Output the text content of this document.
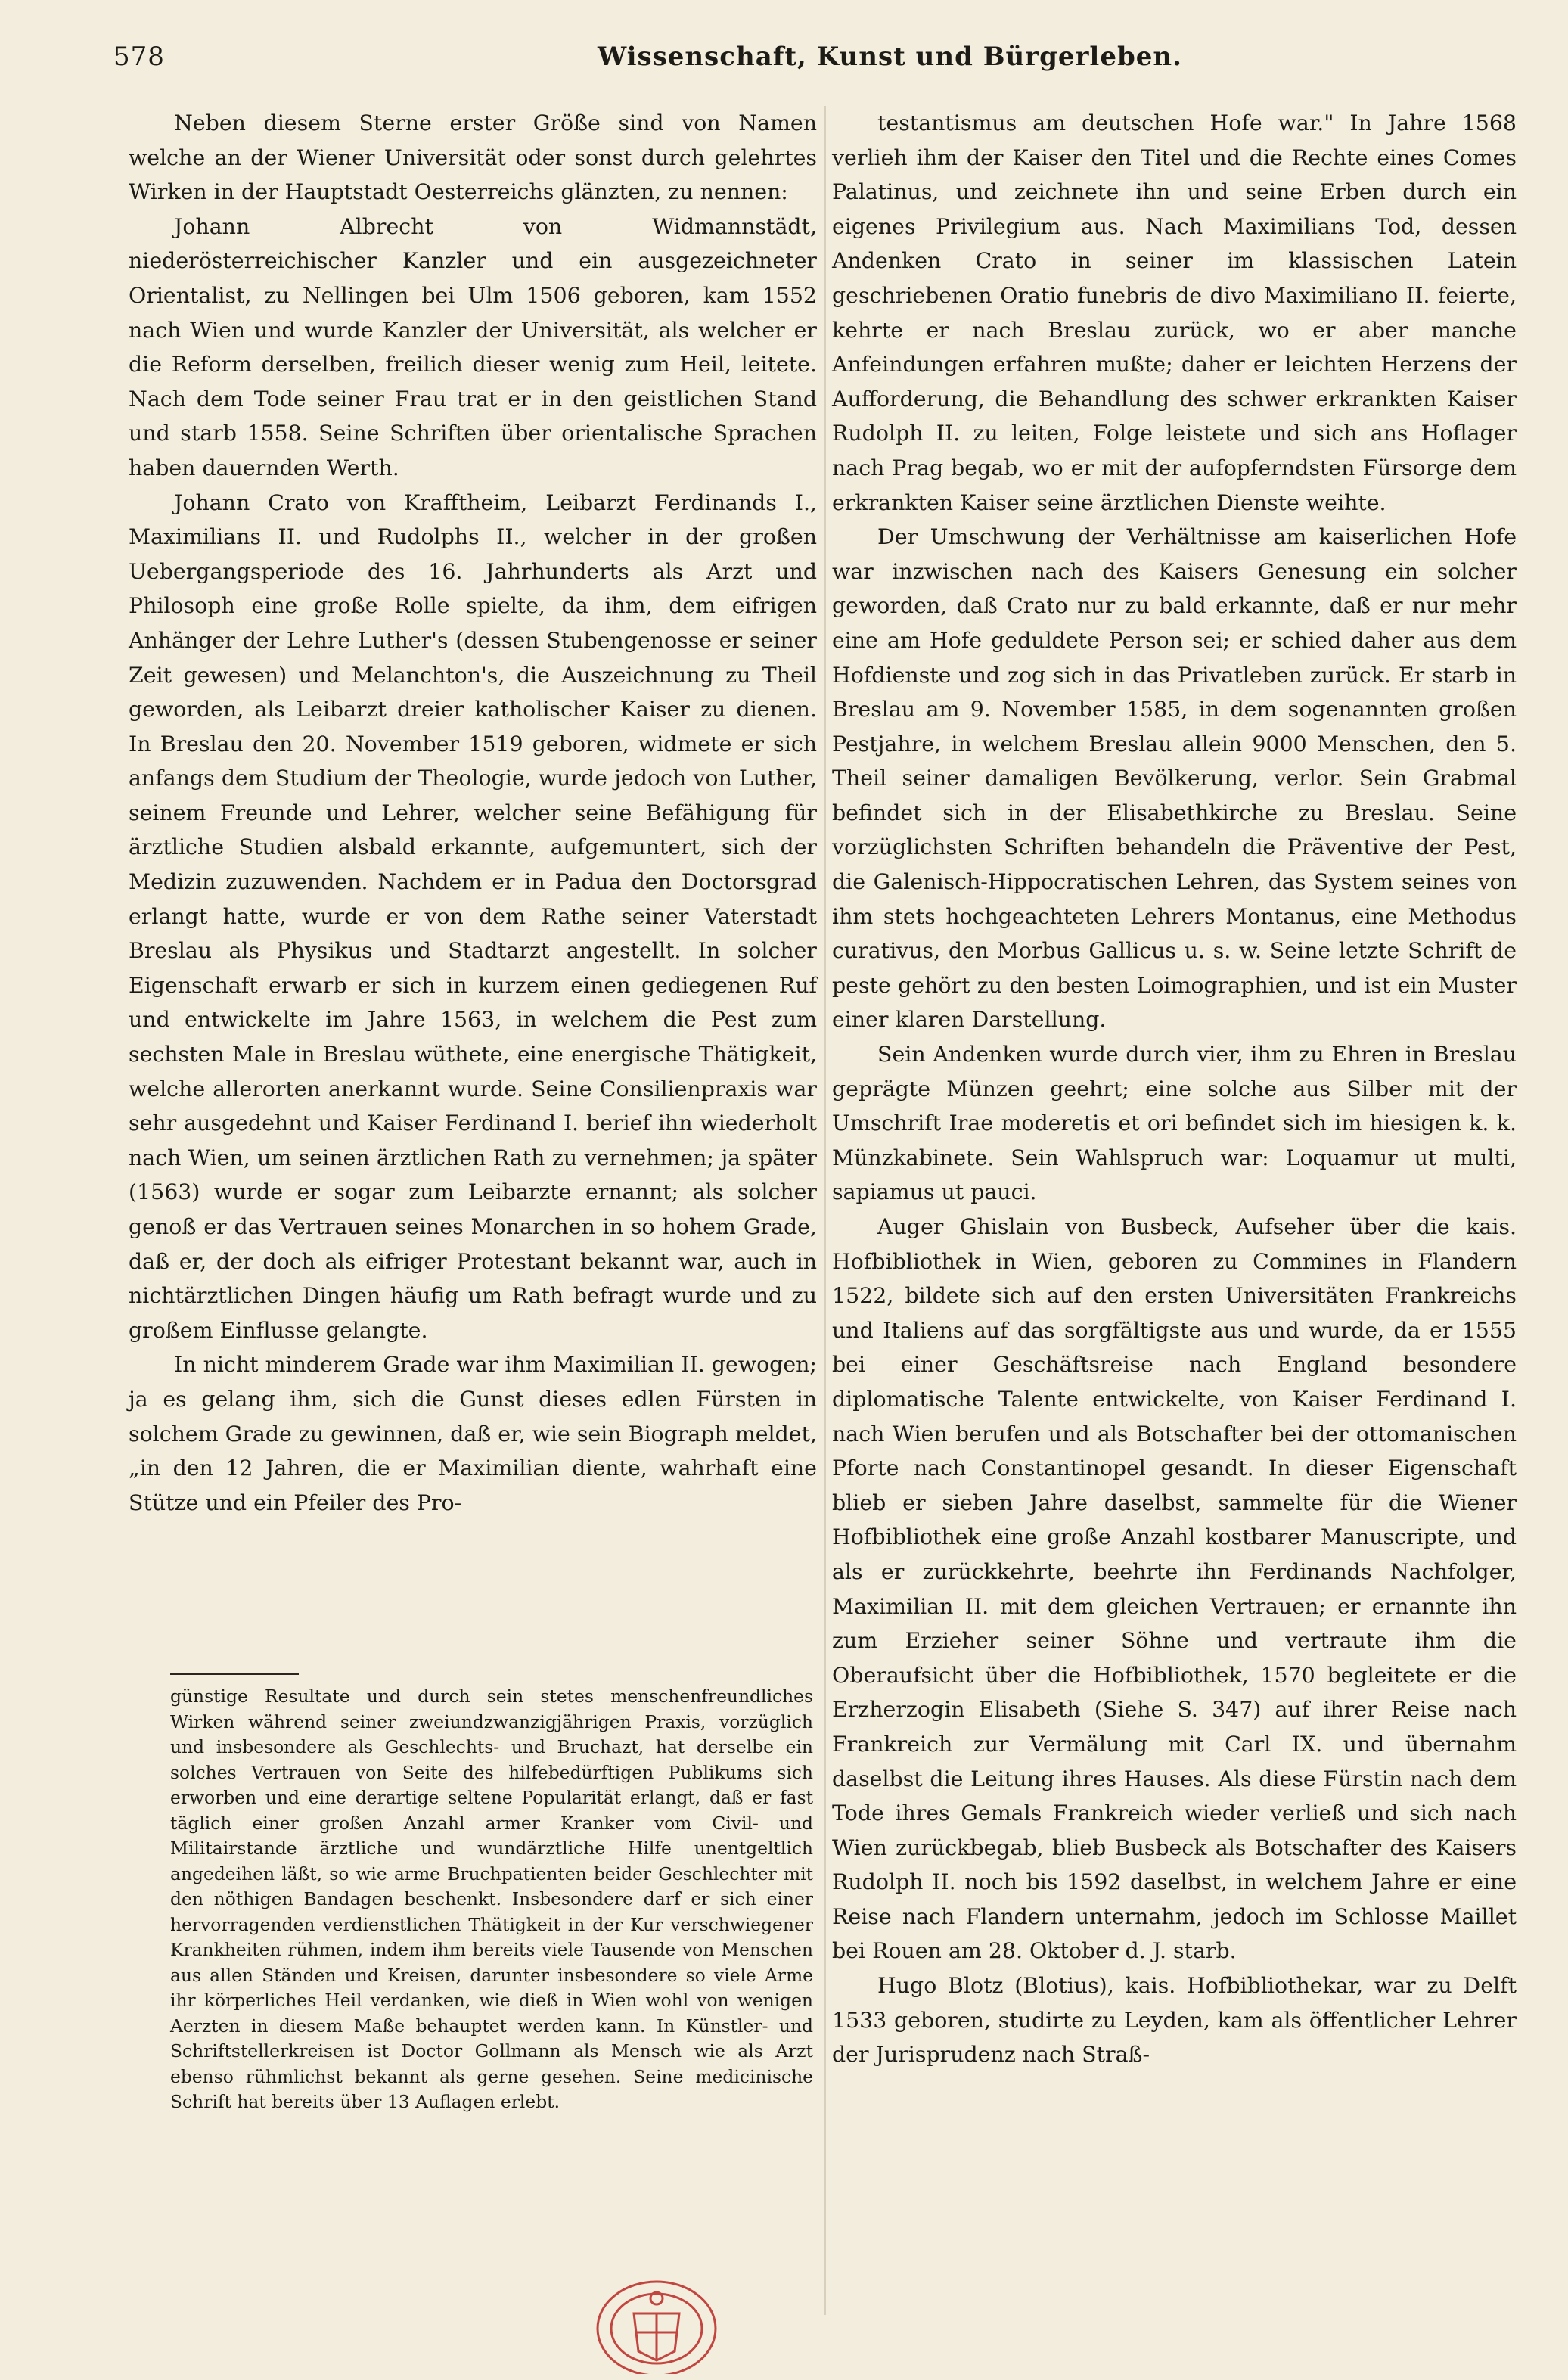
578	Wissenschaft, Kunst und Bürgerleben.

Neben diesem Sterne erster Größe sind von Namen welche an der Wiener Universität oder sonst durch gelehrtes Wirken in der Hauptstadt Oesterreichs glänzten, zu nennen:

Johann Albrecht von Widmannstädt, niederösterreichischer Kanzler und ein ausgezeichneter Orientalist, zu Nellingen bei Ulm 1506 geboren, kam 1552 nach Wien und wurde Kanzler der Universität, als welcher er die Reform derselben, freilich dieser wenig zum Heil, leitete. Nach dem Tode seiner Frau trat er in den geistlichen Stand und starb 1558. Seine Schriften über orientalische Sprachen haben dauernden Werth.

Johann Crato von Krafftheim, Leibarzt Ferdinands I., Maximilians II. und Rudolphs II., welcher in der großen Uebergangsperiode des 16. Jahrhunderts als Arzt und Philosoph eine große Rolle spielte, da ihm, dem eifrigen Anhänger der Lehre Luther's (dessen Stubengenosse er seiner Zeit gewesen) und Melanchton's, die Auszeichnung zu Theil geworden, als Leibarzt dreier katholischer Kaiser zu dienen. In Breslau den 20. November 1519 geboren, widmete er sich anfangs dem Studium der Theologie, wurde jedoch von Luther, seinem Freunde und Lehrer, welcher seine Befähigung für ärztliche Studien alsbald erkannte, aufgemuntert, sich der Medizin zuzuwenden. Nachdem er in Padua den Doctorsgrad erlangt hatte, wurde er von dem Rathe seiner Vaterstadt Breslau als Physikus und Stadtarzt angestellt. In solcher Eigenschaft erwarb er sich in kurzem einen gediegenen Ruf und entwickelte im Jahre 1563, in welchem die Pest zum sechsten Male in Breslau wüthete, eine energische Thätigkeit, welche allerorten anerkannt wurde. Seine Consilienpraxis war sehr ausgedehnt und Kaiser Ferdinand I. berief ihn wiederholt nach Wien, um seinen ärztlichen Rath zu vernehmen; ja später (1563) wurde er sogar zum Leibarzte ernannt; als solcher genoß er das Vertrauen seines Monarchen in so hohem Grade, daß er, der doch als eifriger Protestant bekannt war, auch in nichtärztlichen Dingen häufig um Rath befragt wurde und zu großem Einflusse gelangte.

In nicht minderem Grade war ihm Maximilian II. gewogen; ja es gelang ihm, sich die Gunst dieses edlen Fürsten in solchem Grade zu gewinnen, daß er, wie sein Biograph meldet, „in den 12 Jahren, die er Maximilian diente, wahrhaft eine Stütze und ein Pfeiler des Pro-

testantismus am deutschen Hofe war." In Jahre 1568 verlieh ihm der Kaiser den Titel und die Rechte eines Comes Palatinus, und zeichnete ihn und seine Erben durch ein eigenes Privilegium aus. Nach Maximilians Tod, dessen Andenken Crato in seiner im klassischen Latein geschriebenen Oratio funebris de divo Maximiliano II. feierte, kehrte er nach Breslau zurück, wo er aber manche Anfeindungen erfahren mußte; daher er leichten Herzens der Aufforderung, die Behandlung des schwer erkrankten Kaiser Rudolph II. zu leiten, Folge leistete und sich ans Hoflager nach Prag begab, wo er mit der aufopferndsten Fürsorge dem erkrankten Kaiser seine ärztlichen Dienste weihte.

Der Umschwung der Verhältnisse am kaiserlichen Hofe war inzwischen nach des Kaisers Genesung ein solcher geworden, daß Crato nur zu bald erkannte, daß er nur mehr eine am Hofe geduldete Person sei; er schied daher aus dem Hofdienste und zog sich in das Privatleben zurück. Er starb in Breslau am 9. November 1585, in dem sogenannten großen Pestjahre, in welchem Breslau allein 9000 Menschen, den 5. Theil seiner damaligen Bevölkerung, verlor. Sein Grabmal befindet sich in der Elisabethkirche zu Breslau. Seine vorzüglichsten Schriften behandeln die Präventive der Pest, die Galenisch-Hippocratischen Lehren, das System seines von ihm stets hochgeachteten Lehrers Montanus, eine Methodus curativus, den Morbus Gallicus u. s. w. Seine letzte Schrift de peste gehört zu den besten Loimographien, und ist ein Muster einer klaren Darstellung.

Sein Andenken wurde durch vier, ihm zu Ehren in Breslau geprägte Münzen geehrt; eine solche aus Silber mit der Umschrift Irae moderetis et ori befindet sich im hiesigen k. k. Münzkabinete. Sein Wahlspruch war: Loquamur ut multi, sapiamus ut pauci.

Auger Ghislain von Busbeck, Aufseher über die kais. Hofbibliothek in Wien, geboren zu Commines in Flandern 1522, bildete sich auf den ersten Universitäten Frankreichs und Italiens auf das sorgfältigste aus und wurde, da er 1555 bei einer Geschäftsreise nach England besondere diplomatische Talente entwickelte, von Kaiser Ferdinand I. nach Wien berufen und als Botschafter bei der ottomanischen Pforte nach Constantinopel gesandt. In dieser Eigenschaft blieb er sieben Jahre daselbst, sammelte für die Wiener Hofbibliothek eine große Anzahl kostbarer Manuscripte, und als er zurückkehrte, beehrte ihn Ferdinands Nachfolger, Maximilian II. mit dem gleichen Vertrauen; er ernannte ihn zum Erzieher seiner Söhne und vertraute ihm die Oberaufsicht über die Hofbibliothek, 1570 begleitete er die Erzherzogin Elisabeth (Siehe S. 347) auf ihrer Reise nach Frankreich zur Vermälung mit Carl IX. und übernahm daselbst die Leitung ihres Hauses. Als diese Fürstin nach dem Tode ihres Gemals Frankreich wieder verließ und sich nach Wien zurückbegab, blieb Busbeck als Botschafter des Kaisers Rudolph II. noch bis 1592 daselbst, in welchem Jahre er eine Reise nach Flandern unternahm, jedoch im Schlosse Maillet bei Rouen am 28. Oktober d. J. starb.

Hugo Blotz (Blotius), kais. Hofbibliothekar, war zu Delft 1533 geboren, studirte zu Leyden, kam als öffentlicher Lehrer der Jurisprudenz nach Straß-

günstige Resultate und durch sein stetes menschenfreundliches Wirken während seiner zweiundzwanzigjährigen Praxis, vorzüglich und insbesondere als Geschlechts- und Bruchazt, hat derselbe ein solches Vertrauen von Seite des hilfebedürftigen Publikums sich erworben und eine derartige seltene Popularität erlangt, daß er fast täglich einer großen Anzahl armer Kranker vom Civil- und Militairstande ärztliche und wundärztliche Hilfe unentgeltlich angedeihen läßt, so wie arme Bruchpatienten beider Geschlechter mit den nöthigen Bandagen beschenkt. Insbesondere darf er sich einer hervorragenden verdienstlichen Thätigkeit in der Kur verschwiegener Krankheiten rühmen, indem ihm bereits viele Tausende von Menschen aus allen Ständen und Kreisen, darunter insbesondere so viele Arme ihr körperliches Heil verdanken, wie dieß in Wien wohl von wenigen Aerzten in diesem Maße behauptet werden kann. In Künstler- und Schriftstellerkreisen ist Doctor Gollmann als Mensch wie als Arzt ebenso rühmlichst bekannt als gerne gesehen. Seine medicinische Schrift hat bereits über 13 Auflagen erlebt.
